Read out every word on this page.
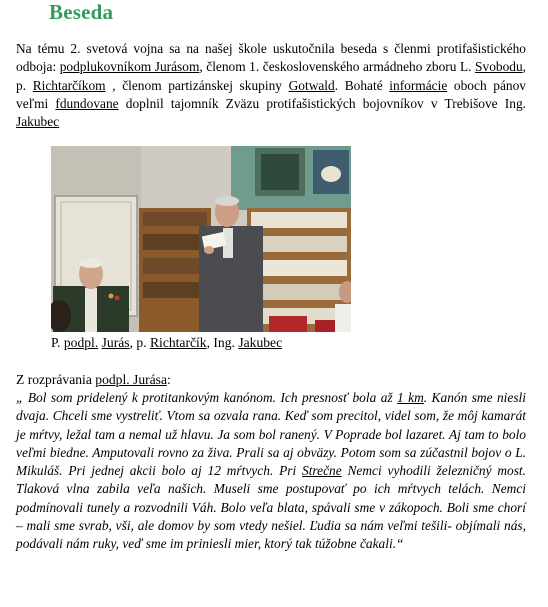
Beseda

Na tému 2. svetová vojna sa na našej škole uskutočnila beseda s členmi protifašistického odboja: podplukovníkom Jurásom, členom 1. československého armádneho zboru L. Svobodu, p. Richtarčíkom , členom partizánskej skupiny Gotwald. Bohaté informácie oboch pánov veľmi fdundovane doplnil tajomník Zväzu protifašistických bojovníkov v Trebišove Ing. Jakubec

P. podpl. Jurás, p. Richtarčík, Ing. Jakubec

Z rozprávania podpl. Jurása:

„ Bol som pridelený k protitankovým kanónom. Ich presnosť bola až 1 km. Kanón sme niesli dvaja. Chceli sme vystreliť. Vtom sa ozvala rana. Keď som precitol, videl som, že môj kamarát je mŕtvy, ležal tam a nemal už hlavu. Ja som bol ranený. V Poprade bol lazaret. Aj tam to bolo veľmi biedne. Amputovali rovno za živa. Prali sa aj obväzy. Potom som sa zúčastnil bojov o L. Mikuláš. Pri jednej akcii bolo aj 12 mŕtvych. Pri Strečne Nemci vyhodili železničný most. Tlaková vlna zabila veľa našich. Museli sme postupovať po ich mŕtvych telách. Nemci podmínovali tunely a rozvodnili Váh. Bolo veľa blata, spávali sme v zákopoch. Boli sme chorí – mali sme svrab, vši, ale domov by som vtedy nešiel. Ľudia sa nám veľmi tešili- objímali nás, podávali nám ruky, veď sme im priniesli mier, ktorý tak túžobne čakali.“
